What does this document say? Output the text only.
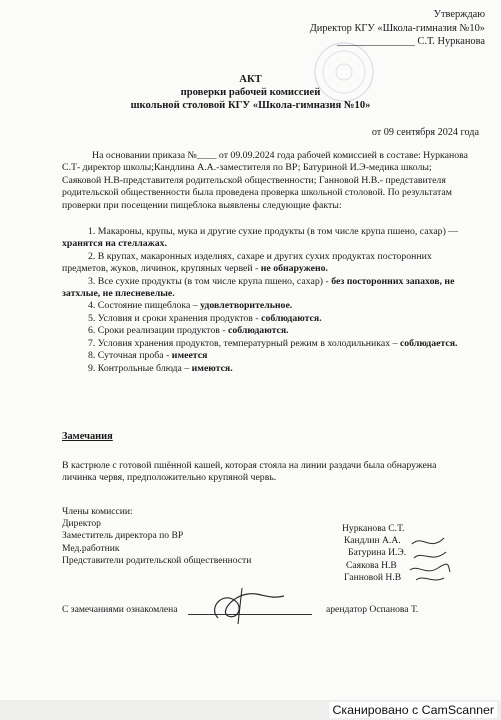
Утверждаю
Директор КГУ «Школа-гимназия №10»
_______________ С.Т. Нурканова
АКТ
проверки рабочей комиссией
школьной столовой КГУ «Школа-гимназия №10»
от 09 сентября 2024 года

На основании приказа №____ от 09.09.2024 года рабочей комиссией в составе: Нурканова С.Т- директор школы;Кандлина А.А.-заместителя по ВР; Батуриной И.Э-медика школы; Саяковой Н.В-представителя родительской общественности; Ганновой Н.В.- представителя родительской общественности была проведена проверка школьной столовой. По результатам проверки при посещении пищеблока выявлены следующие факты:

1. Макароны, крупы, мука и другие сухие продукты (в том числе крупа пшено, сахар) — хранятся на стеллажах.

2. В крупах, макаронных изделиях, сахаре и других сухих продуктах посторонних предметов, жуков, личинок, крупяных червей - не обнаружено.

3. Все сухие продукты (в том числе крупа пшено, сахар) - без посторонних запахов, не затхлые, не плесневелые.

4. Состояние пищеблока – удовлетворительное.

5. Условия и сроки хранения продуктов - соблюдаются.

6. Сроки реализации продуктов - соблюдаются.

7. Условия хранения продуктов, температурный режим в холодильниках – соблюдается.

8. Суточная проба - имеется

9. Контрольные блюда – имеются.

Замечания
В кастрюле с готовой пшённой кашей, которая стояла на линии раздачи была обнаружена личинка червя, предположительно крупяной червь.
Члены комиссии:
Директор
Заместитель директора по ВР
Мед.работник
Представители родительской общественности
Нурканова С.Т.
Кандлин А.А.
Батурина И.Э.
Саякова Н.В
Ганновой Н.В
С замечаниями ознакомлена	арендатор Оспанова Т.
Сканировано с CamScanner
